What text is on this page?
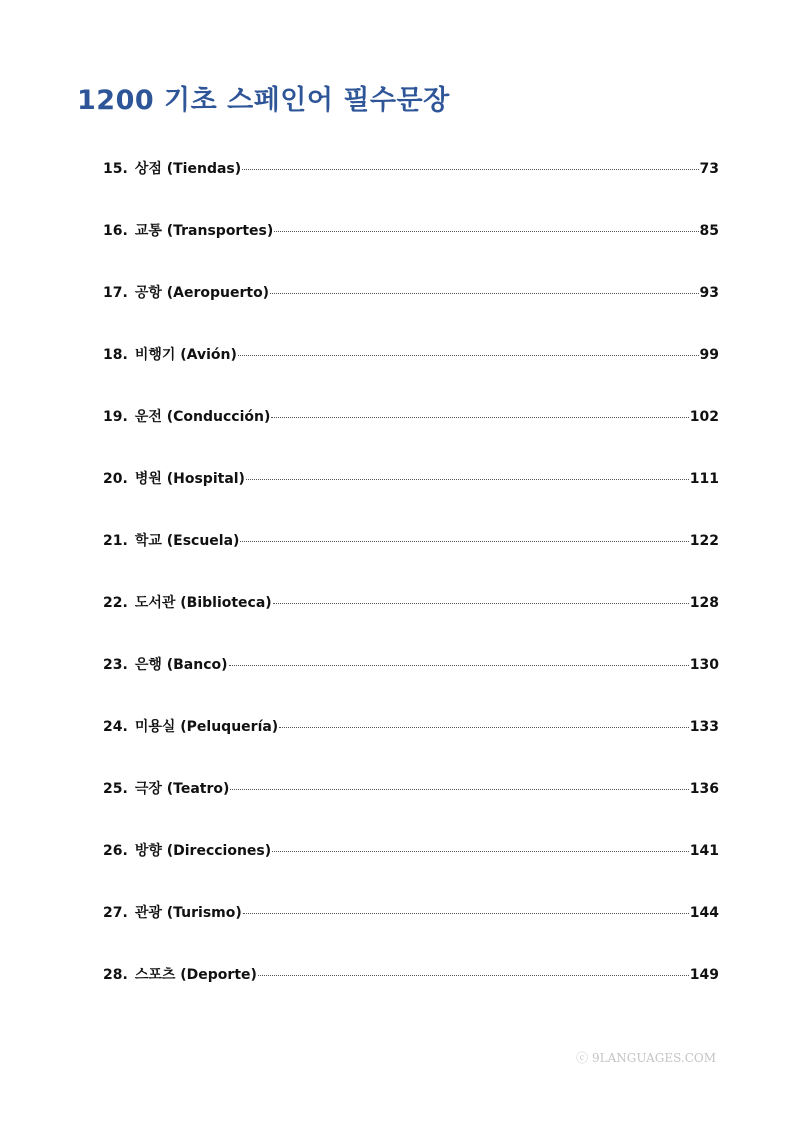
1200 기초 스페인어 필수문장
15. 상점 (Tiendas)	73
16. 교통 (Transportes)	85
17. 공항 (Aeropuerto)	93
18. 비행기 (Avión)	99
19. 운전 (Conducción)	102
20. 병원 (Hospital)	111
21. 학교 (Escuela)	122
22. 도서관 (Biblioteca)	128
23. 은행 (Banco)	130
24. 미용실 (Peluquería)	133
25. 극장 (Teatro)	136
26. 방향 (Direcciones)	141
27. 관광 (Turismo)	144
28. 스포츠 (Deporte)	149
ⓒ 9LANGUAGES.COM
